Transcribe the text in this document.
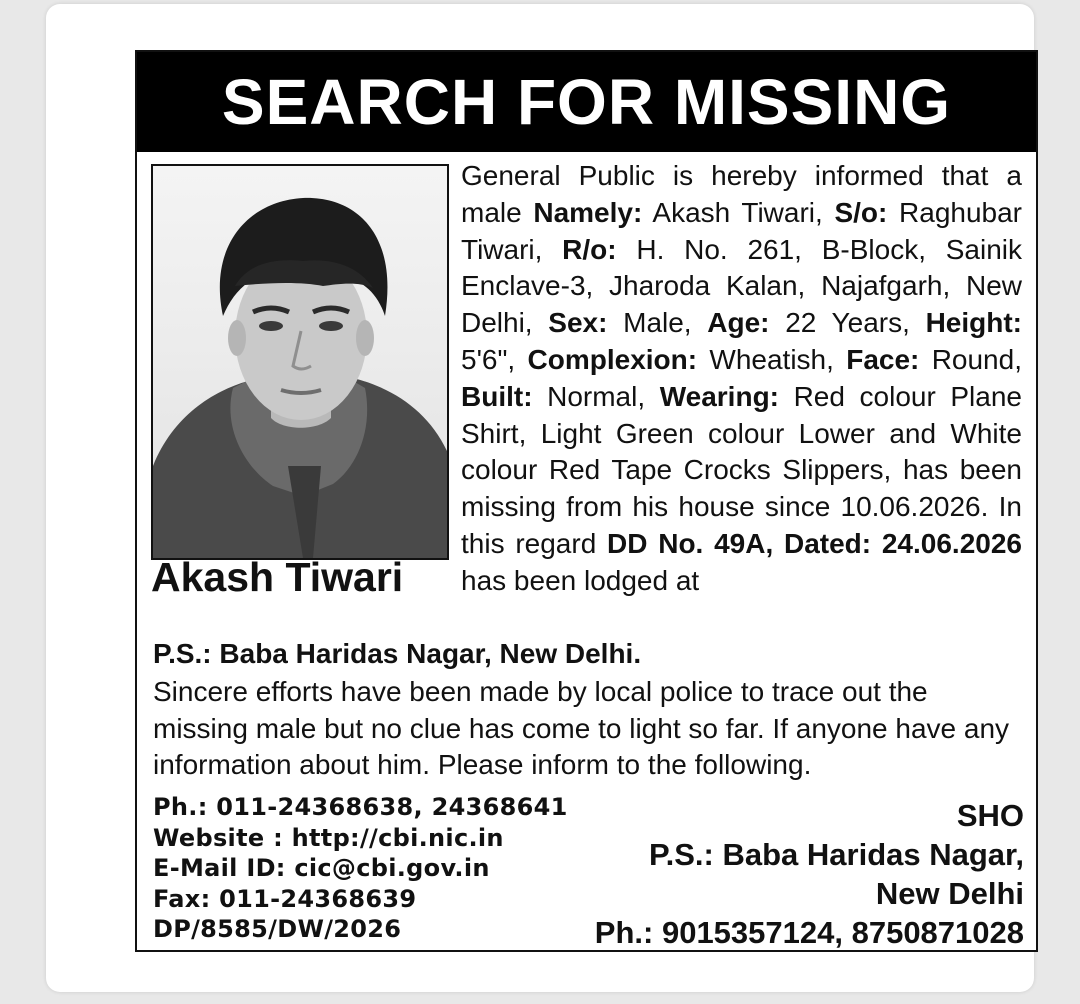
SEARCH FOR MISSING
Akash Tiwari
General Public is hereby informed that a male Namely: Akash Tiwari, S/o: Raghubar Tiwari, R/o: H. No. 261, B-Block, Sainik Enclave-3, Jharoda Kalan, Najafgarh, New Delhi, Sex: Male, Age: 22 Years, Height: 5'6", Complexion: Wheatish, Face: Round, Built: Normal, Wearing: Red colour Plane Shirt, Light Green colour Lower and White colour Red Tape Crocks Slippers, has been missing from his house since 10.06.2026. In this regard DD No. 49A, Dated: 24.06.2026 has been lodged at
P.S.: Baba Haridas Nagar, New Delhi.
Sincere efforts have been made by local police to trace out the missing male but no clue has come to light so far. If anyone have any information about him. Please inform to the following.
Ph.: 011-24368638, 24368641
Website : http://cbi.nic.in
E-Mail ID: cic@cbi.gov.in
Fax: 011-24368639
DP/8585/DW/2026
SHO
P.S.: Baba Haridas Nagar,
New Delhi
Ph.: 9015357124, 8750871028
